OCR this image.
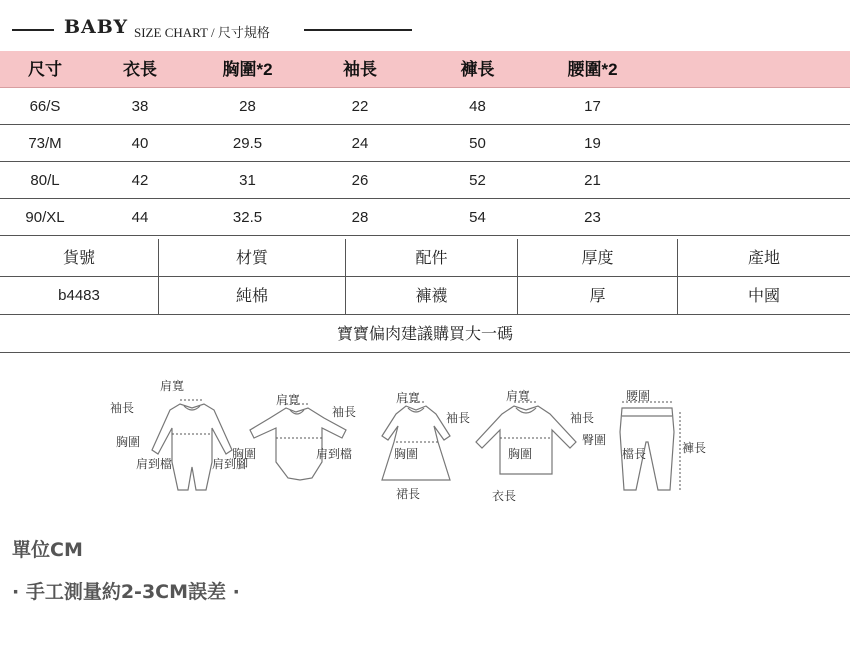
BABY SIZE CHART / 尺寸規格
尺寸	衣長	胸圍*2	袖長	褲長	腰圍*2
66/S	38	28	22	48	17
73/M	40	29.5	24	50	19
80/L	42	31	26	52	21
90/XL	44	32.5	28	54	23
貨號	材質	配件	厚度	產地
b4483	純棉	褲襪	厚	中國
寶寶偏肉建議購買大一碼
袖長
肩寬
胸圍
肩到檔	肩到腳
肩寬
袖長
胸圍	肩到檔
肩寬
袖長
胸圍
裙長
肩寬
袖長
胸圍
衣長
腰圍
臀圍
檔長	褲長
單位CM
· 手工測量約2-3CM誤差 ·
